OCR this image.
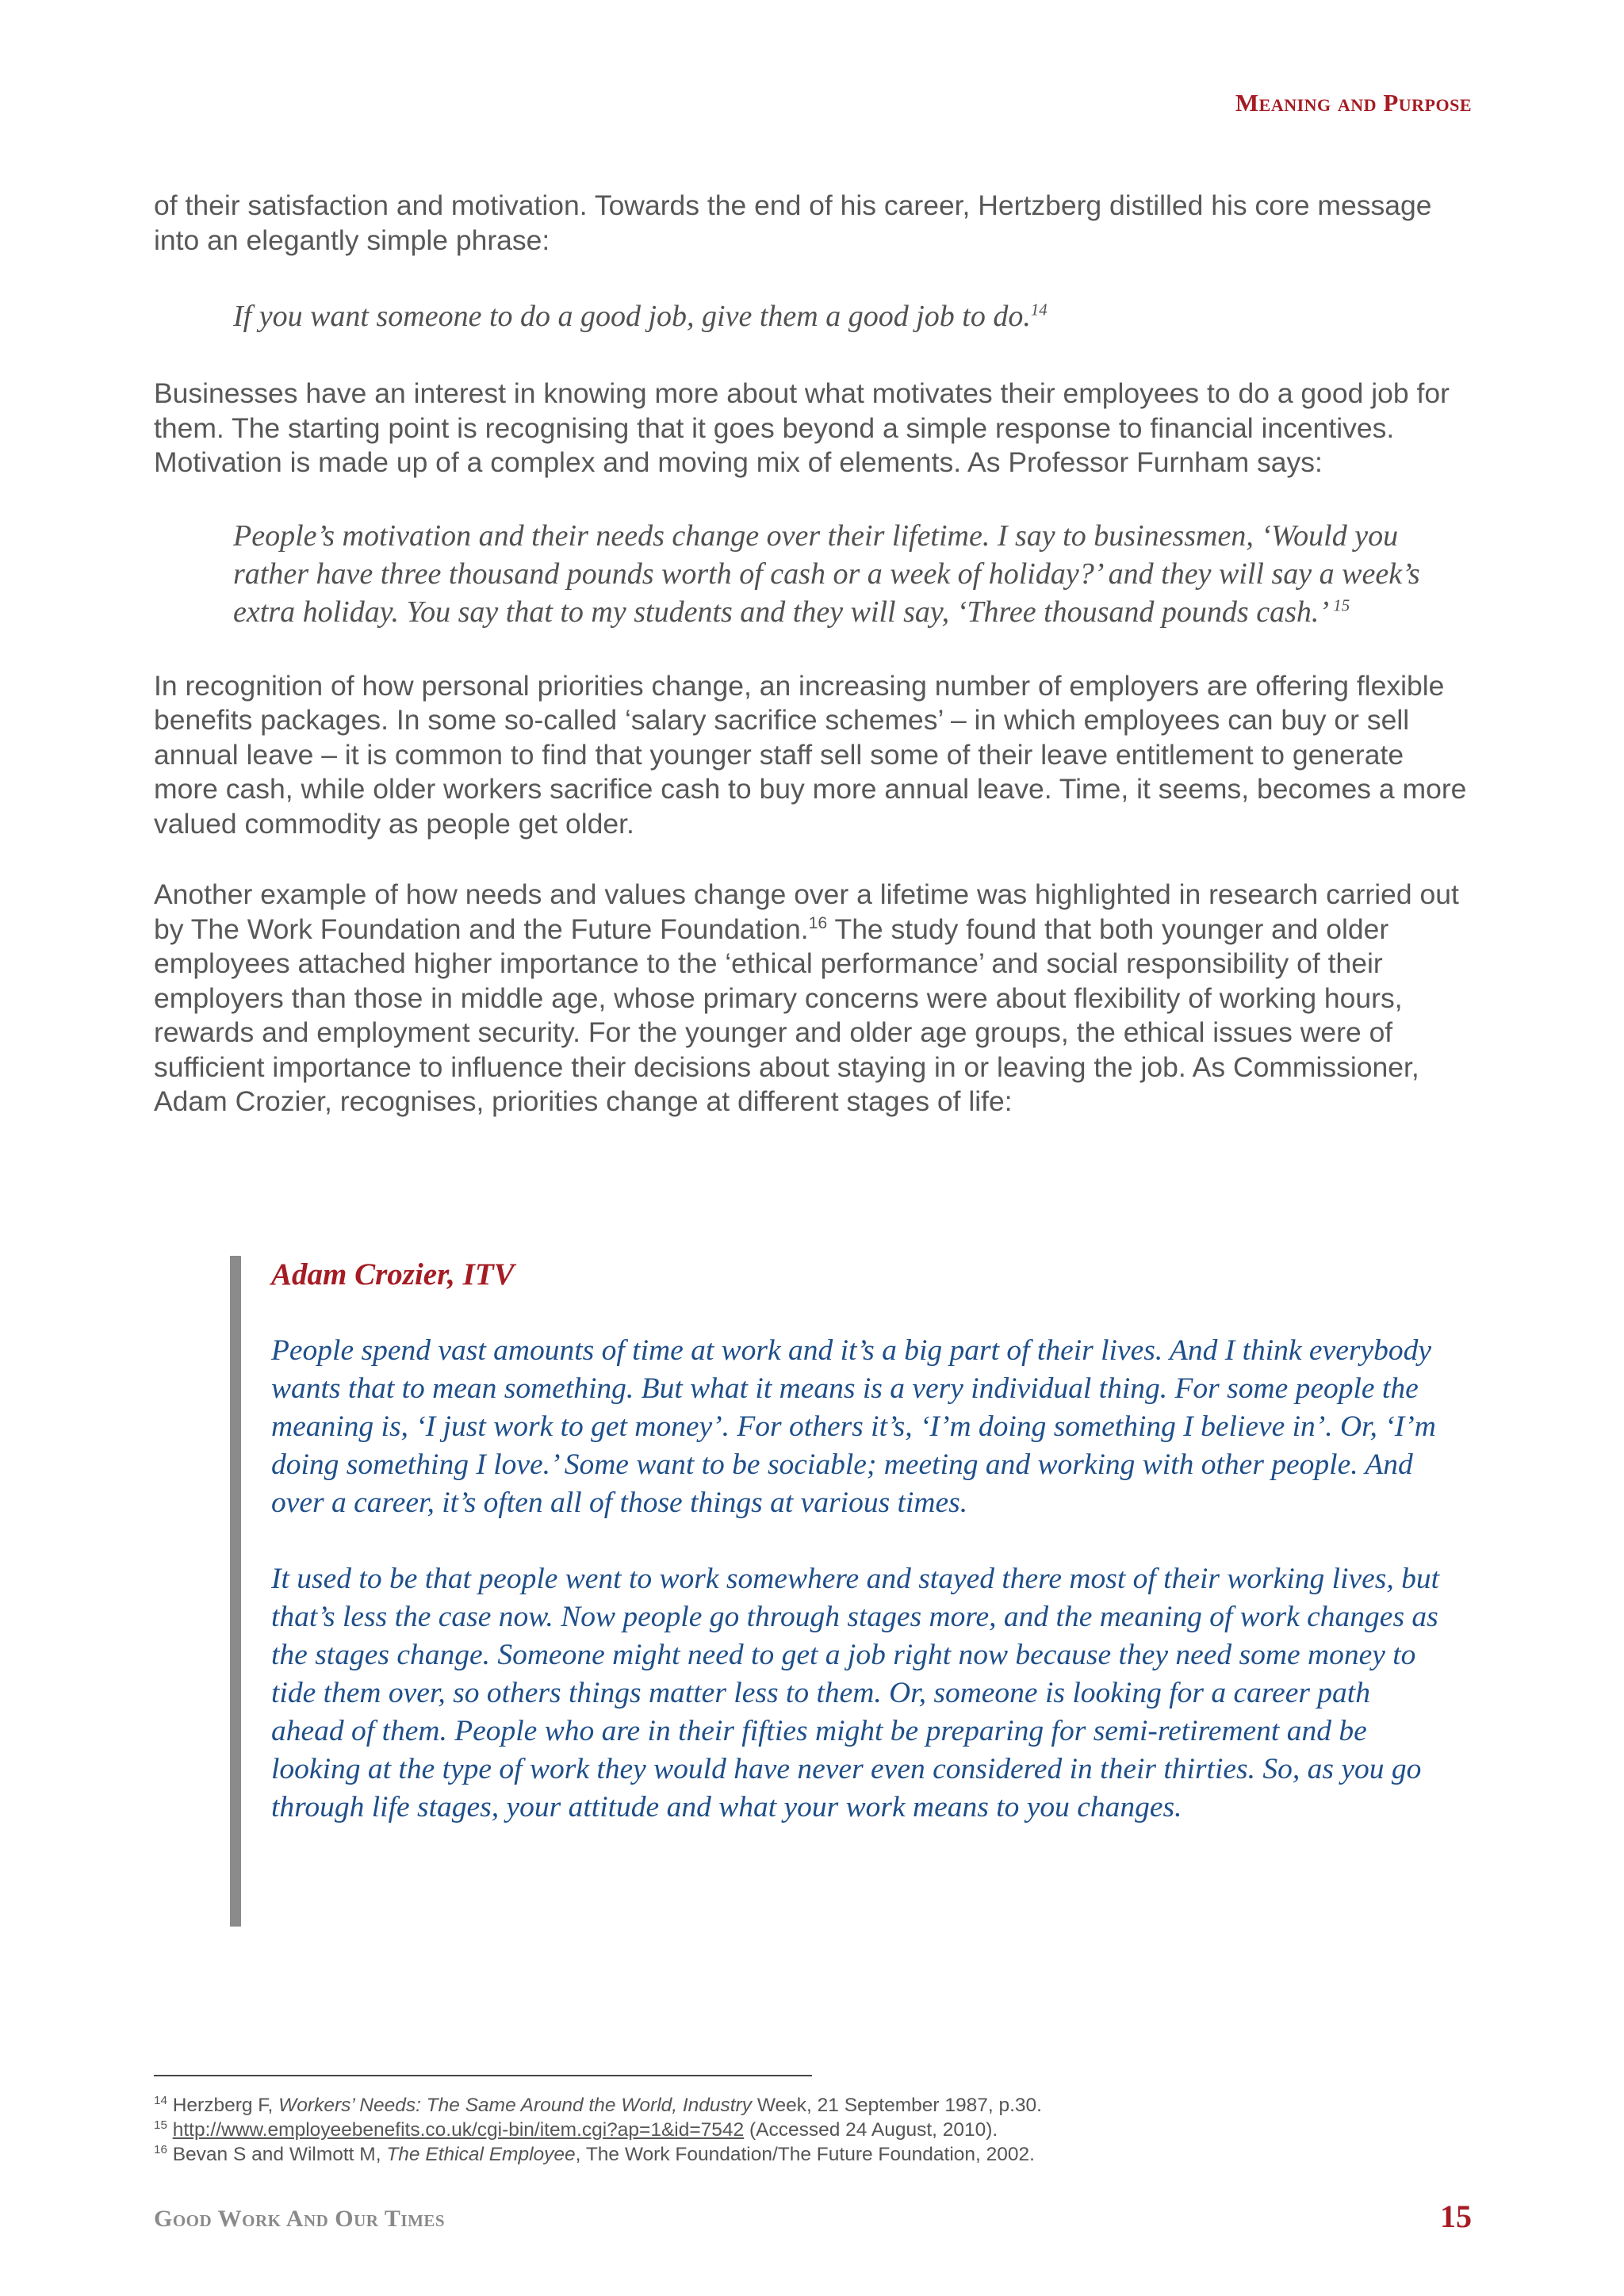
Meaning and Purpose

of their satisfaction and motivation. Towards the end of his career, Hertzberg distilled his core message into an elegantly simple phrase:

If you want someone to do a good job, give them a good job to do.$^{14}$

Businesses have an interest in knowing more about what motivates their employees to do a good job for them. The starting point is recognising that it goes beyond a simple response to financial incentives. Motivation is made up of a complex and moving mix of elements. As Professor Furnham says:

People’s motivation and their needs change over their lifetime. I say to businessmen, ‘Would you rather have three thousand pounds worth of cash or a week of holiday?’ and they will say a week’s extra holiday. You say that to my students and they will say, ‘Three thousand pounds cash.’ $^{15}$

In recognition of how personal priorities change, an increasing number of employers are offering flexible benefits packages. In some so-called ‘salary sacrifice schemes’ – in which employees can buy or sell annual leave – it is common to find that younger staff sell some of their leave entitlement to generate more cash, while older workers sacrifice cash to buy more annual leave. Time, it seems, becomes a more valued commodity as people get older.

Another example of how needs and values change over a lifetime was highlighted in research carried out by The Work Foundation and the Future Foundation.$^{16}$ The study found that both younger and older employees attached higher importance to the ‘ethical performance’ and social responsibility of their employers than those in middle age, whose primary concerns were about flexibility of working hours, rewards and employment security. For the younger and older age groups, the ethical issues were of sufficient importance to influence their decisions about staying in or leaving the job. As Commissioner, Adam Crozier, recognises, priorities change at different stages of life:

Adam Crozier, ITV

People spend vast amounts of time at work and it’s a big part of their lives. And I think everybody wants that to mean something. But what it means is a very individual thing. For some people the meaning is, ‘I just work to get money’. For others it’s, ‘I’m doing something I believe in’. Or, ‘I’m doing something I love.’ Some want to be sociable; meeting and working with other people. And over a career, it’s often all of those things at various times.

It used to be that people went to work somewhere and stayed there most of their working lives, but that’s less the case now. Now people go through stages more, and the meaning of work changes as the stages change. Someone might need to get a job right now because they need some money to tide them over, so others things matter less to them. Or, someone is looking for a career path ahead of them. People who are in their fifties might be preparing for semi-retirement and be looking at the type of work they would have never even considered in their thirties. So, as you go through life stages, your attitude and what your work means to you changes.

$^{14}$ Herzberg F, Workers’ Needs: The Same Around the World, Industry Week, 21 September 1987, p.30.

$^{15}$ http://www.employeebenefits.co.uk/cgi-bin/item.cgi?ap=1&id=7542 (Accessed 24 August, 2010).

$^{16}$ Bevan S and Wilmott M, The Ethical Employee, The Work Foundation/The Future Foundation, 2002.

Good Work And Our Times	15
